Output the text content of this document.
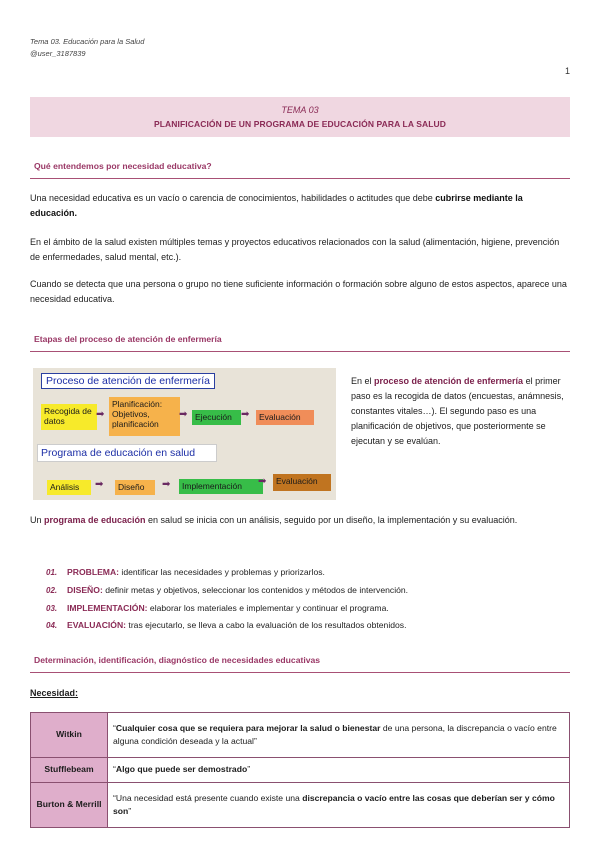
Tema 03. Educación para la Salud
@user_3187839
1
TEMA 03
PLANIFICACIÓN DE UN PROGRAMA DE EDUCACIÓN PARA LA SALUD
Qué entendemos por necesidad educativa?
Una necesidad educativa es un vacío o carencia de conocimientos, habilidades o actitudes que debe cubrirse mediante la educación.
En el ámbito de la salud existen múltiples temas y proyectos educativos relacionados con la salud (alimentación, higiene, prevención de enfermedades, salud mental, etc.).
Cuando se detecta que una persona o grupo no tiene suficiente información o formación sobre alguno de estos aspectos, aparece una necesidad educativa.
Etapas del proceso de atención de enfermería
Proceso de atención de enfermería
Recogida de datos
➡
Planificación: Objetivos, planificación
➡ Ejecución ➡	Evaluación
Programa de educación en salud
Análisis	➡	Diseño	➡	Implementación	➡	Evaluación
En el proceso de atención de enfermería el primer paso es la recogida de datos (encuestas, anámnesis, constantes vitales…). El segundo paso es una planificación de objetivos, que posteriormente se ejecutan y se evalúan.
Un programa de educación en salud se inicia con un análisis, seguido por un diseño, la implementación y su evaluación.
01. PROBLEMA: identificar las necesidades y problemas y priorizarlos.
02. DISEÑO: definir metas y objetivos, seleccionar los contenidos y métodos de intervención.
03. IMPLEMENTACIÓN: elaborar los materiales e implementar y continuar el programa.
04. EVALUACIÓN: tras ejecutarlo, se lleva a cabo la evaluación de los resultados obtenidos.
Determinación, identificación, diagnóstico de necesidades educativas
Necesidad:
Witkin	“Cualquier cosa que se requiera para mejorar la salud o bienestar de una persona, la discrepancia o vacío entre alguna condición deseada y la actual”
Stufflebeam	“Algo que puede ser demostrado”
Burton & Merrill	“Una necesidad está presente cuando existe una discrepancia o vacío entre las cosas que deberían ser y cómo son”
